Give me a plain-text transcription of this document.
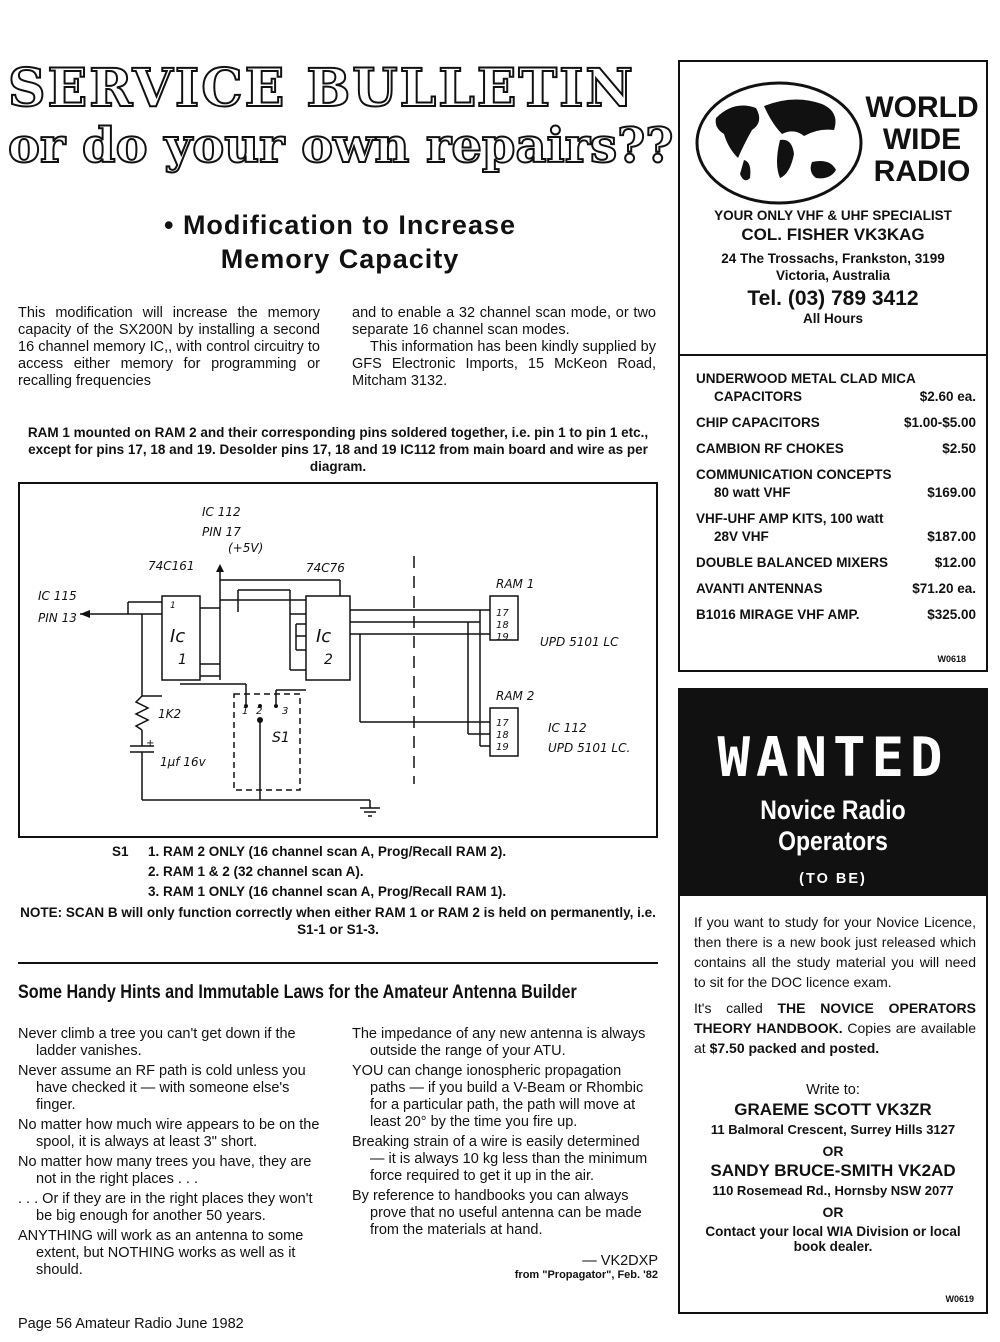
SERVICE BULLETIN
or do your own repairs??
• Modification to Increase
Memory Capacity
This modification will increase the memory capacity of the SX200N by installing a second 16 channel memory IC,, with control circuitry to access either memory for programming or recalling frequencies
and to enable a 32 channel scan mode, or two separate 16 channel scan modes.
This information has been kindly supplied by GFS Electronic Imports, 15 McKeon Road, Mitcham 3132.
RAM 1 mounted on RAM 2 and their corresponding pins soldered together, i.e. pin 1 to pin 1 etc., except for pins 17, 18 and 19. Desolder pins 17, 18 and 19 IC112 from main board and wire as per diagram.
IC 112
PIN 17
(+5V)
74C161	74C76
IC 115
PIN 13
Ic
1
Ic
2
RAM 1
RAM 2
17
18
19
17
18
19
UPD 5101 LC
IC 112
UPD 5101 LC.
1K2
1µf 16v
S1
1 2 3
+
1
S1	1. RAM 2 ONLY (16 channel scan A, Prog/Recall RAM 2).
2. RAM 1 & 2 (32 channel scan A).
3. RAM 1 ONLY (16 channel scan A, Prog/Recall RAM 1).
NOTE: SCAN B will only function correctly when either RAM 1 or RAM 2 is held on permanently, i.e. S1-1 or S1-3.
Some Handy Hints and Immutable Laws for the Amateur Antenna Builder

Never climb a tree you can't get down if the ladder vanishes.

Never assume an RF path is cold unless you have checked it — with someone else's finger.

No matter how much wire appears to be on the spool, it is always at least 3" short.

No matter how many trees you have, they are not in the right places . . .

. . . Or if they are in the right places they won't be big enough for another 50 years.

ANYTHING will work as an antenna to some extent, but NOTHING works as well as it should.

The impedance of any new antenna is always outside the range of your ATU.

YOU can change ionospheric propagation paths — if you build a V-Beam or Rhombic for a particular path, the path will move at least 20° by the time you fire up.

Breaking strain of a wire is easily determined — it is always 10 kg less than the minimum force required to get it up in the air.

By reference to handbooks you can always prove that no useful antenna can be made from the materials at hand.

— VK2DXP
from "Propagator", Feb. '82
Page 56 Amateur Radio June 1982
WORLD
WIDE
RADIO
YOUR ONLY VHF & UHF SPECIALIST
COL. FISHER VK3KAG
24 The Trossachs, Frankston, 3199
Victoria, Australia
Tel. (03) 789 3412
All Hours
UNDERWOOD METAL CLAD MICA
CAPACITORS	$2.60 ea.
CHIP CAPACITORS	$1.00-$5.00
CAMBION RF CHOKES	$2.50
COMMUNICATION CONCEPTS
80 watt VHF	$169.00
VHF-UHF AMP KITS, 100 watt
28V VHF	$187.00
DOUBLE BALANCED MIXERS	$12.00
AVANTI ANTENNAS	$71.20 ea.
B1016 MIRAGE VHF AMP.	$325.00
W0618
WANTED
Novice Radio Operators
(TO BE)
If you want to study for your Novice Licence, then there is a new book just released which contains all the study material you will need to sit for the DOC licence exam.
It's called THE NOVICE OPERATORS THEORY HANDBOOK. Copies are available at $7.50 packed and posted.
Write to:
GRAEME SCOTT VK3ZR
11 Balmoral Crescent, Surrey Hills 3127
OR
SANDY BRUCE-SMITH VK2AD
110 Rosemead Rd., Hornsby NSW 2077
OR
Contact your local WIA Division or local book dealer.
W0619
